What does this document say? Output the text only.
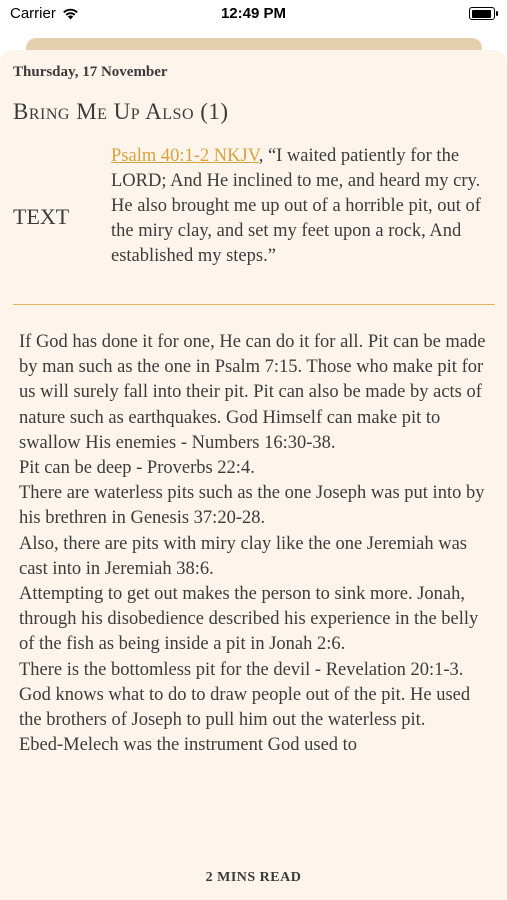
Carrier	12:49 PM
Thursday, 17 November
Bring Me Up Also (1)
TEXT
Psalm 40:1-2 NKJV, “I waited patiently for the LORD; And He inclined to me, and heard my cry. He also brought me up out of a horrible pit, out of the miry clay, and set my feet upon a rock, And established my steps.”

If God has done it for one, He can do it for all. Pit can be made by man such as the one in Psalm 7:15. Those who make pit for us will surely fall into their pit. Pit can also be made by acts of nature such as earthquakes. God Himself can make pit to swallow His enemies - Numbers 16:30-38.

Pit can be deep - Proverbs 22:4.

There are waterless pits such as the one Joseph was put into by his brethren in Genesis 37:20-28.

Also, there are pits with miry clay like the one Jeremiah was cast into in Jeremiah 38:6.

Attempting to get out makes the person to sink more. Jonah, through his disobedience described his experience in the belly of the fish as being inside a pit in Jonah 2:6.

There is the bottomless pit for the devil - Revelation 20:1-3.

God knows what to do to draw people out of the pit. He used the brothers of Joseph to pull him out the waterless pit.

Ebed-Melech was the instrument God used to

2 MINS READ
